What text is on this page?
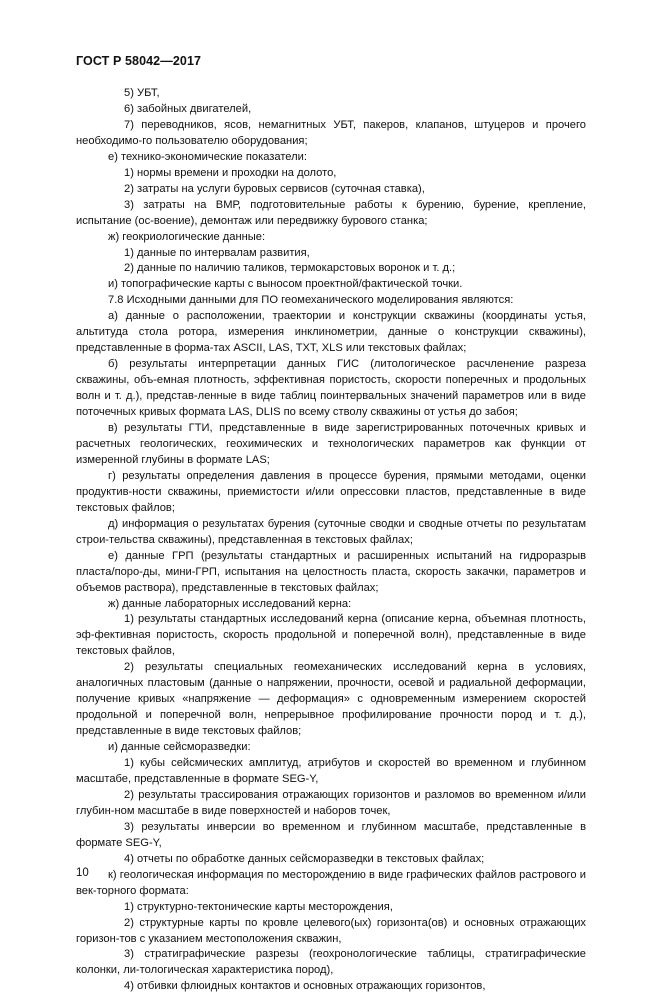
ГОСТ Р 58042—2017

5) УБТ,

6) забойных двигателей,

7) переводников, ясов, немагнитных УБТ, пакеров, клапанов, штуцеров и прочего необходимо-го пользователю оборудования;

е) технико-экономические показатели:

1) нормы времени и проходки на долото,

2) затраты на услуги буровых сервисов (суточная ставка),

3) затраты на ВМР, подготовительные работы к бурению, бурение, крепление, испытание (ос-воение), демонтаж или передвижку бурового станка;

ж) геокриологические данные:

1) данные по интервалам развития,

2) данные по наличию таликов, термокарстовых воронок и т. д.;

и) топографические карты с выносом проектной/фактической точки.

7.8 Исходными данными для ПО геомеханического моделирования являются:

а) данные о расположении, траектории и конструкции скважины (координаты устья, альтитуда стола ротора, измерения инклинометрии, данные о конструкции скважины), представленные в форма-тах ASCII, LAS, TXT, XLS или текстовых файлах;

б) результаты интерпретации данных ГИС (литологическое расчленение разреза скважины, объ-емная плотность, эффективная пористость, скорости поперечных и продольных волн и т. д.), представ-ленные в виде таблиц поинтервальных значений параметров или в виде поточечных кривых формата LAS, DLIS по всему стволу скважины от устья до забоя;

в) результаты ГТИ, представленные в виде зарегистрированных поточечных кривых и расчетных геологических, геохимических и технологических параметров как функции от измеренной глубины в формате LAS;

г) результаты определения давления в процессе бурения, прямыми методами, оценки продуктив-ности скважины, приемистости и/или опрессовки пластов, представленные в виде текстовых файлов;

д) информация о результатах бурения (суточные сводки и сводные отчеты по результатам строи-тельства скважины), представленная в текстовых файлах;

е) данные ГРП (результаты стандартных и расширенных испытаний на гидроразрыв пласта/поро-ды, мини-ГРП, испытания на целостность пласта, скорость закачки, параметров и объемов раствора), представленные в текстовых файлах;

ж) данные лабораторных исследований керна:

1) результаты стандартных исследований керна (описание керна, объемная плотность, эф-фективная пористость, скорость продольной и поперечной волн), представленные в виде текстовых файлов,

2) результаты специальных геомеханических исследований керна в условиях, аналогичных пластовым (данные о напряжении, прочности, осевой и радиальной деформации, получение кривых «напряжение — деформация» с одновременным измерением скоростей продольной и поперечной волн, непрерывное профилирование прочности пород и т. д.), представленные в виде текстовых файлов;

и) данные сейсморазведки:

1) кубы сейсмических амплитуд, атрибутов и скоростей во временном и глубинном масштабе, представленные в формате SEG-Y,

2) результаты трассирования отражающих горизонтов и разломов во временном и/или глубин-ном масштабе в виде поверхностей и наборов точек,

3) результаты инверсии во временном и глубинном масштабе, представленные в формате SEG-Y,

4) отчеты по обработке данных сейсморазведки в текстовых файлах;

к) геологическая информация по месторождению в виде графических файлов растрового и век-торного формата:

1) структурно-тектонические карты месторождения,

2) структурные карты по кровле целевого(ых) горизонта(ов) и основных отражающих горизон-тов с указанием местоположения скважин,

3) стратиграфические разрезы (геохронологические таблицы, стратиграфические колонки, ли-тологическая характеристика пород),

4) отбивки флюидных контактов и основных отражающих горизонтов,

10
